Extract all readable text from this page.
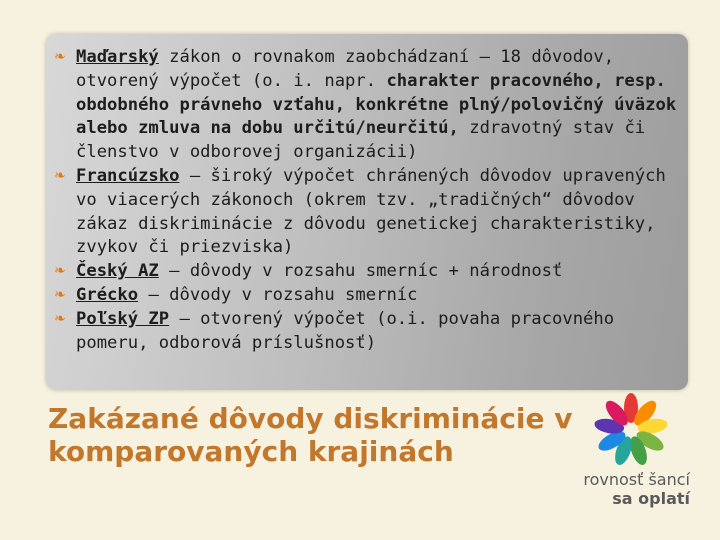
❧ Maďarský zákon o rovnakom zaobchádzaní – 18 dôvodov, otvorený výpočet (o. i. napr. charakter pracovného, resp. obdobného právneho vzťahu, konkrétne plný/polovičný úväzok alebo zmluva na dobu určitú/neurčitú, zdravotný stav či členstvo v odborovej organizácii)
❧ Francúzsko – široký výpočet chránených dôvodov upravených vo viacerých zákonoch (okrem tzv. „tradičných“ dôvodov zákaz diskriminácie z dôvodu genetickej charakteristiky, zvykov či priezviska)
❧ Český AZ – dôvody v rozsahu smerníc + národnosť
❧ Grécko – dôvody v rozsahu smerníc
❧ Poľský ZP – otvorený výpočet (o.i. povaha pracovného pomeru, odborová príslušnosť)
Zakázané dôvody diskriminácie v komparovaných krajinách
rovnosť šancí
sa oplatí
